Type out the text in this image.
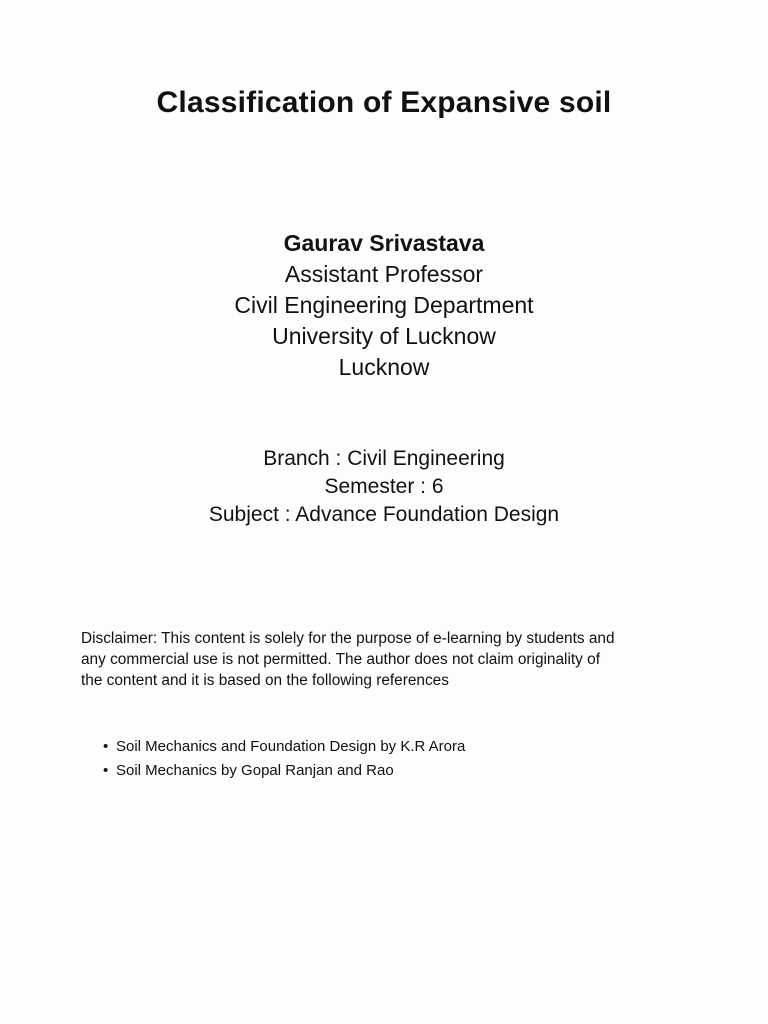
Classification of Expansive soil
Gaurav Srivastava
Assistant Professor
Civil Engineering Department
University of Lucknow
Lucknow
Branch : Civil Engineering
Semester : 6
Subject : Advance Foundation Design

Disclaimer: This content is solely for the purpose of e-learning by students and
any commercial use is not permitted. The author does not claim originality of
the content and it is based on the following references

• Soil Mechanics and Foundation Design by K.R Arora
• Soil Mechanics by Gopal Ranjan and Rao
